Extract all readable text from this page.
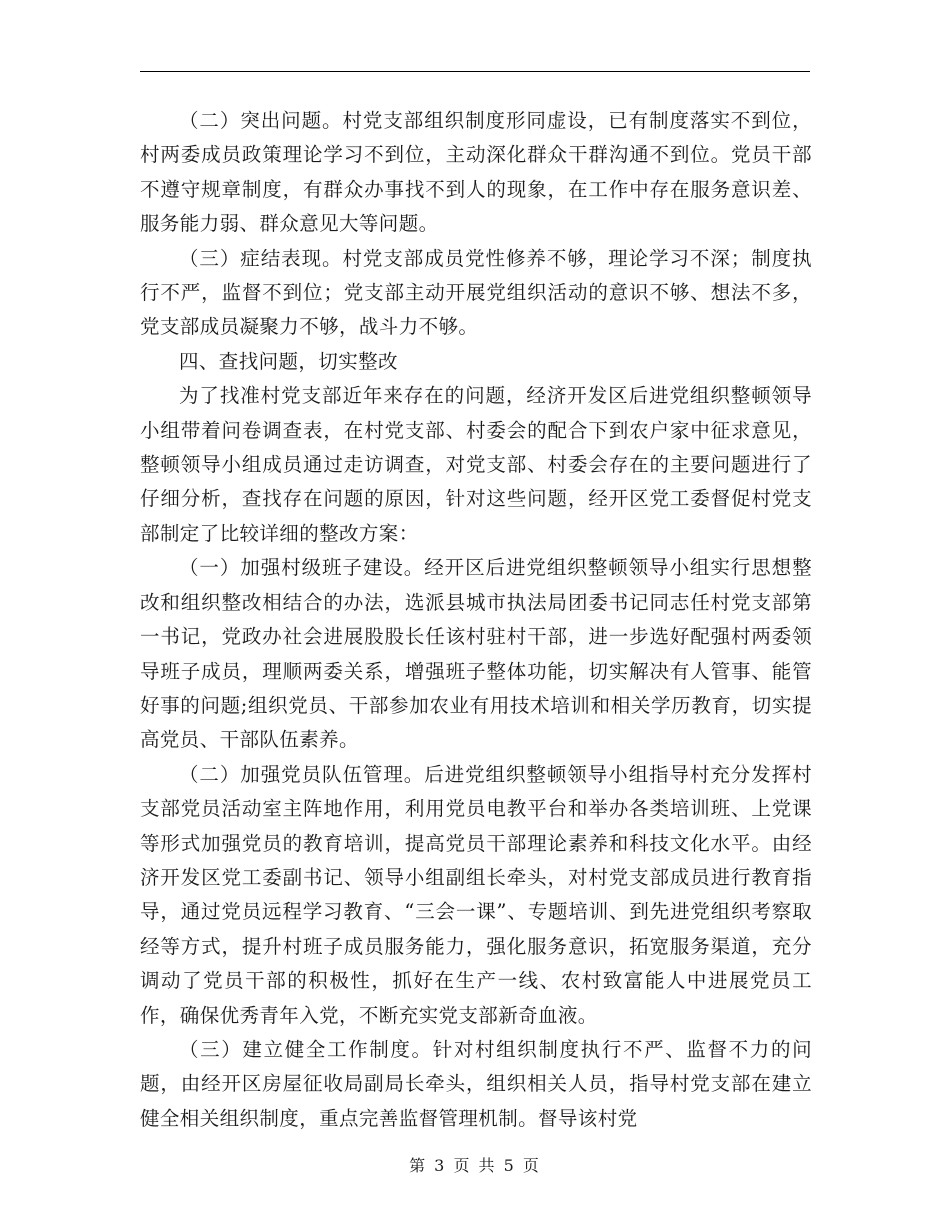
（二）突出问题。村党支部组织制度形同虚设，已有制度落实不到位，村两委成员政策理论学习不到位，主动深化群众干群沟通不到位。党员干部不遵守规章制度，有群众办事找不到人的现象，在工作中存在服务意识差、服务能力弱、群众意见大等问题。

（三）症结表现。村党支部成员党性修养不够，理论学习不深；制度执行不严，监督不到位；党支部主动开展党组织活动的意识不够、想法不多，党支部成员凝聚力不够，战斗力不够。

四、查找问题，切实整改

为了找准村党支部近年来存在的问题，经济开发区后进党组织整顿领导小组带着问卷调查表，在村党支部、村委会的配合下到农户家中征求意见，整顿领导小组成员通过走访调查，对党支部、村委会存在的主要问题进行了仔细分析，查找存在问题的原因，针对这些问题，经开区党工委督促村党支部制定了比较详细的整改方案：

（一）加强村级班子建设。经开区后进党组织整顿领导小组实行思想整改和组织整改相结合的办法，选派县城市执法局团委书记同志任村党支部第一书记，党政办社会进展股股长任该村驻村干部，进一步选好配强村两委领导班子成员，理顺两委关系，增强班子整体功能，切实解决有人管事、能管好事的问题;组织党员、干部参加农业有用技术培训和相关学历教育，切实提高党员、干部队伍素养。

（二）加强党员队伍管理。后进党组织整顿领导小组指导村充分发挥村支部党员活动室主阵地作用，利用党员电教平台和举办各类培训班、上党课等形式加强党员的教育培训，提高党员干部理论素养和科技文化水平。由经济开发区党工委副书记、领导小组副组长牵头，对村党支部成员进行教育指导，通过党员远程学习教育、“三会一课”、专题培训、到先进党组织考察取经等方式，提升村班子成员服务能力，强化服务意识，拓宽服务渠道，充分调动了党员干部的积极性，抓好在生产一线、农村致富能人中进展党员工作，确保优秀青年入党，不断充实党支部新奇血液。

（三）建立健全工作制度。针对村组织制度执行不严、监督不力的问题，由经开区房屋征收局副局长牵头，组织相关人员，指导村党支部在建立健全相关组织制度，重点完善监督管理机制。督导该村党

第 3 页 共 5 页
